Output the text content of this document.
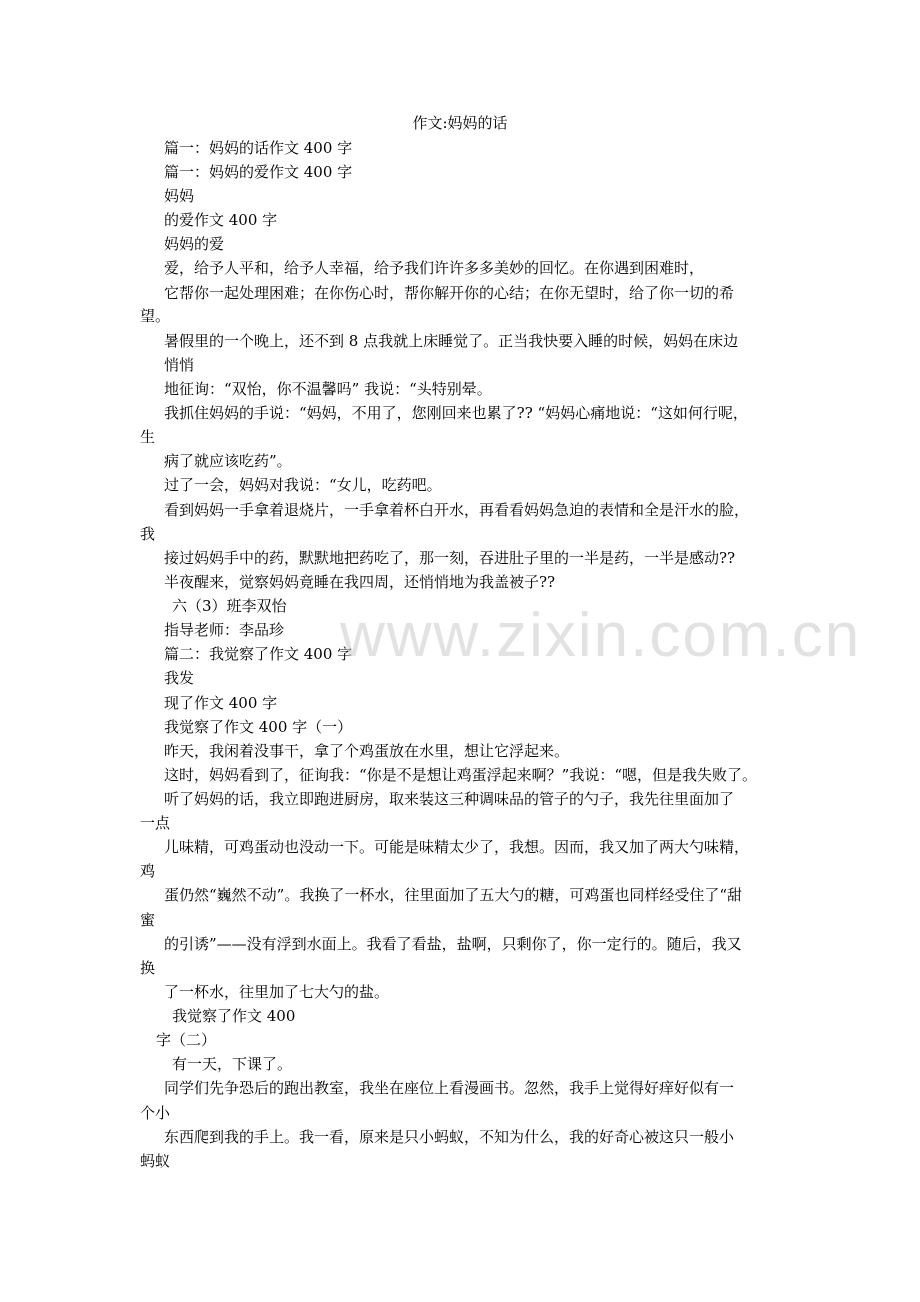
作文:妈妈的话
篇一：妈妈的话作文 400 字
篇一：妈妈的爱作文 400 字
妈妈
的爱作文 400 字
妈妈的爱
爱，给予人平和，给予人幸福，给予我们许许多多美妙的回忆。在你遇到困难时，
它帮你一起处理困难；在你伤心时，帮你解开你的心结；在你无望时，给了你一切的希
望。
暑假里的一个晚上，还不到 8 点我就上床睡觉了。正当我快要入睡的时候，妈妈在床边
悄悄
地征询：“双怡，你不温馨吗” 我说：“头特别晕。
我抓住妈妈的手说：“妈妈，不用了，您刚回来也累了?? “妈妈心痛地说：“这如何行呢，
生
病了就应该吃药”。
过了一会，妈妈对我说：“女儿，吃药吧。
看到妈妈一手拿着退烧片，一手拿着杯白开水，再看看妈妈急迫的表情和全是汗水的脸，
我
接过妈妈手中的药，默默地把药吃了，那一刻，吞进肚子里的一半是药，一半是感动??
半夜醒来，觉察妈妈竟睡在我四周，还悄悄地为我盖被子??
六（3）班李双怡
指导老师：李品珍
篇二：我觉察了作文 400 字
我发
现了作文 400 字
我觉察了作文 400 字（一）
昨天，我闲着没事干，拿了个鸡蛋放在水里，想让它浮起来。
这时，妈妈看到了，征询我：“你是不是想让鸡蛋浮起来啊？”我说：“嗯，但是我失败了。
听了妈妈的话，我立即跑进厨房，取来装这三种调味品的管子的勺子，我先往里面加了
一点
儿味精，可鸡蛋动也没动一下。可能是味精太少了，我想。因而，我又加了两大勺味精，
鸡
蛋仍然“巍然不动”。我换了一杯水，往里面加了五大勺的糖，可鸡蛋也同样经受住了“甜
蜜
的引诱”——没有浮到水面上。我看了看盐，盐啊，只剩你了，你一定行的。随后，我又
换
了一杯水，往里加了七大勺的盐。
我觉察了作文 400
字（二）
有一天，下课了。
同学们先争恐后的跑出教室，我坐在座位上看漫画书。忽然，我手上觉得好痒好似有一
个小
东西爬到我的手上。我一看，原来是只小蚂蚁，不知为什么，我的好奇心被这只一般小
蚂蚁
www.zixin.com.cn
